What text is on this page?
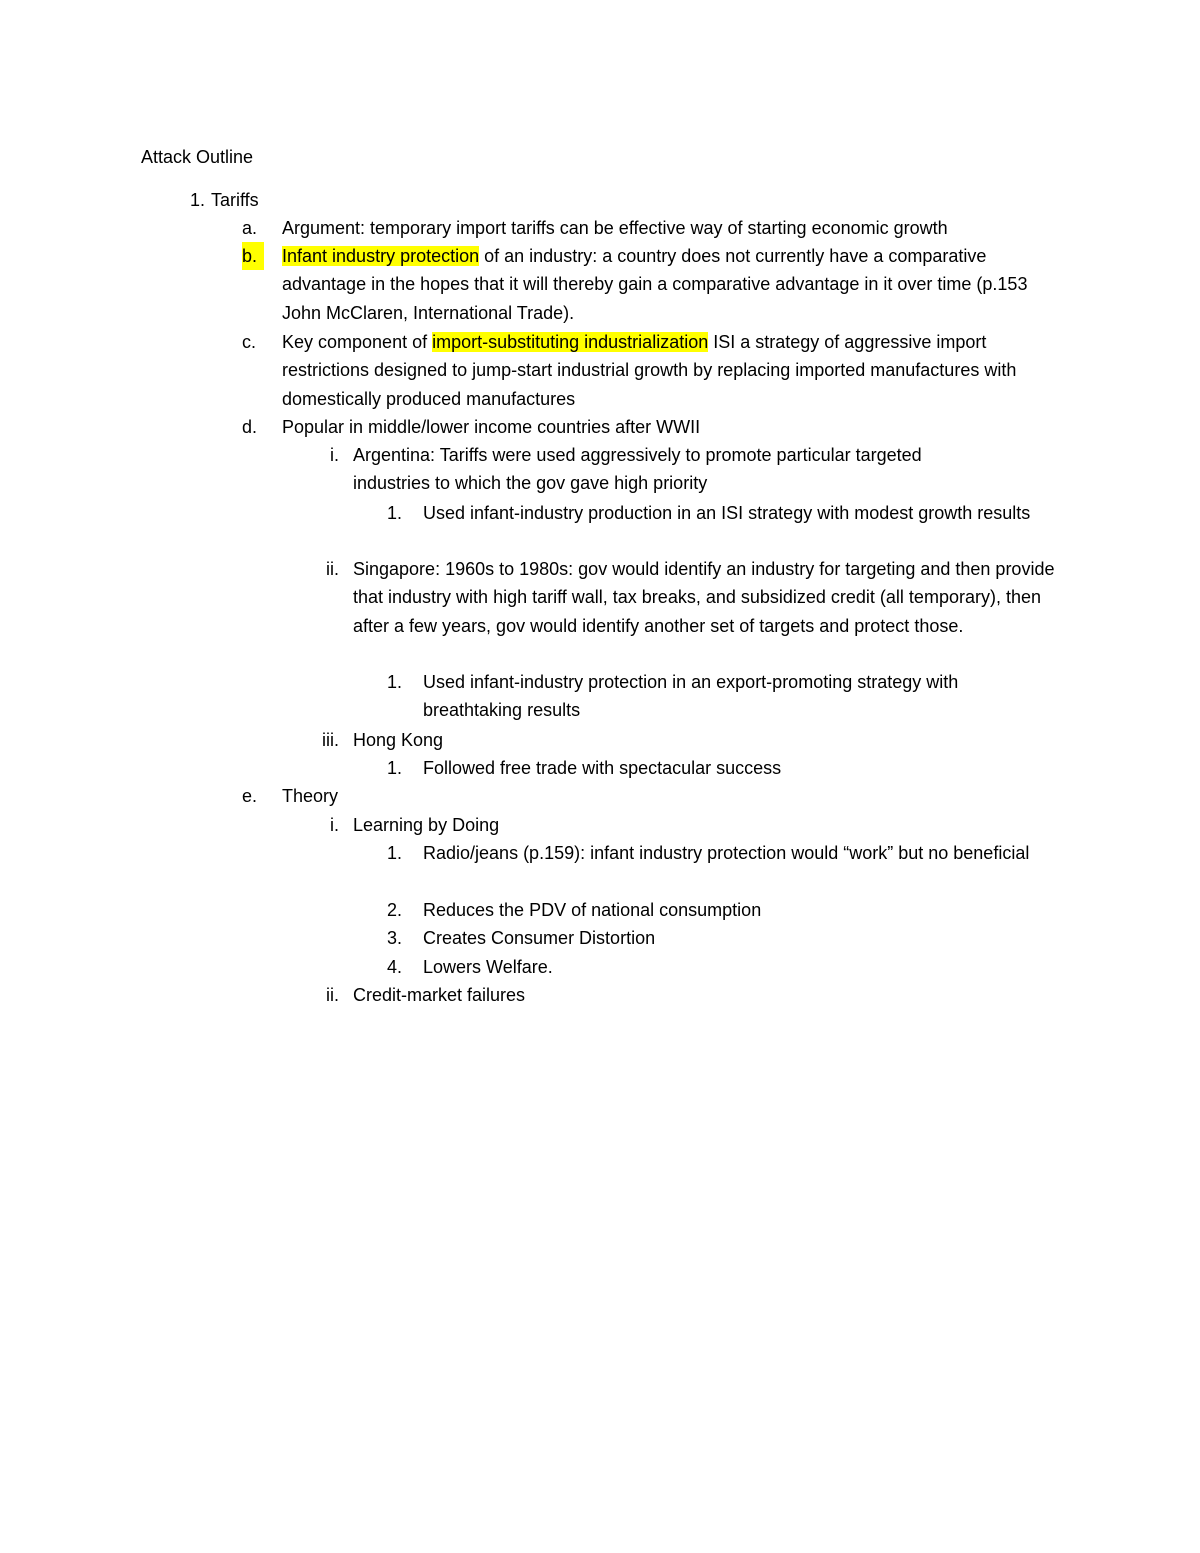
Attack Outline
1. Tariffs
a.	Argument: temporary import tariffs can be effective way of starting economic growth
b.	Infant industry protection of an industry: a country does not currently have a comparative advantage in the hopes that it will thereby gain a comparative advantage in it over time (p.153 John McClaren, International Trade).
c.	Key component of import-substituting industrialization ISI a strategy of aggressive import restrictions designed to jump-start industrial growth by replacing imported manufactures with domestically produced manufactures
d.	Popular in middle/lower income countries after WWII
i. Argentina: Tariffs were used aggressively to promote particular targeted industries to which the gov gave high priority
1.	Used infant-industry production in an ISI strategy with modest growth results
ii. Singapore: 1960s to 1980s: gov would identify an industry for targeting and then provide that industry with high tariff wall, tax breaks, and subsidized credit (all temporary), then after a few years, gov would identify another set of targets and protect those.
1.	Used infant-industry protection in an export-promoting strategy with breathtaking results
iii. Hong Kong
1.	Followed free trade with spectacular success
e.	Theory
i. Learning by Doing
1.	Radio/jeans (p.159): infant industry protection would “work” but no beneficial
2.	Reduces the PDV of national consumption
3.	Creates Consumer Distortion
4.	Lowers Welfare.
ii. Credit-market failures
